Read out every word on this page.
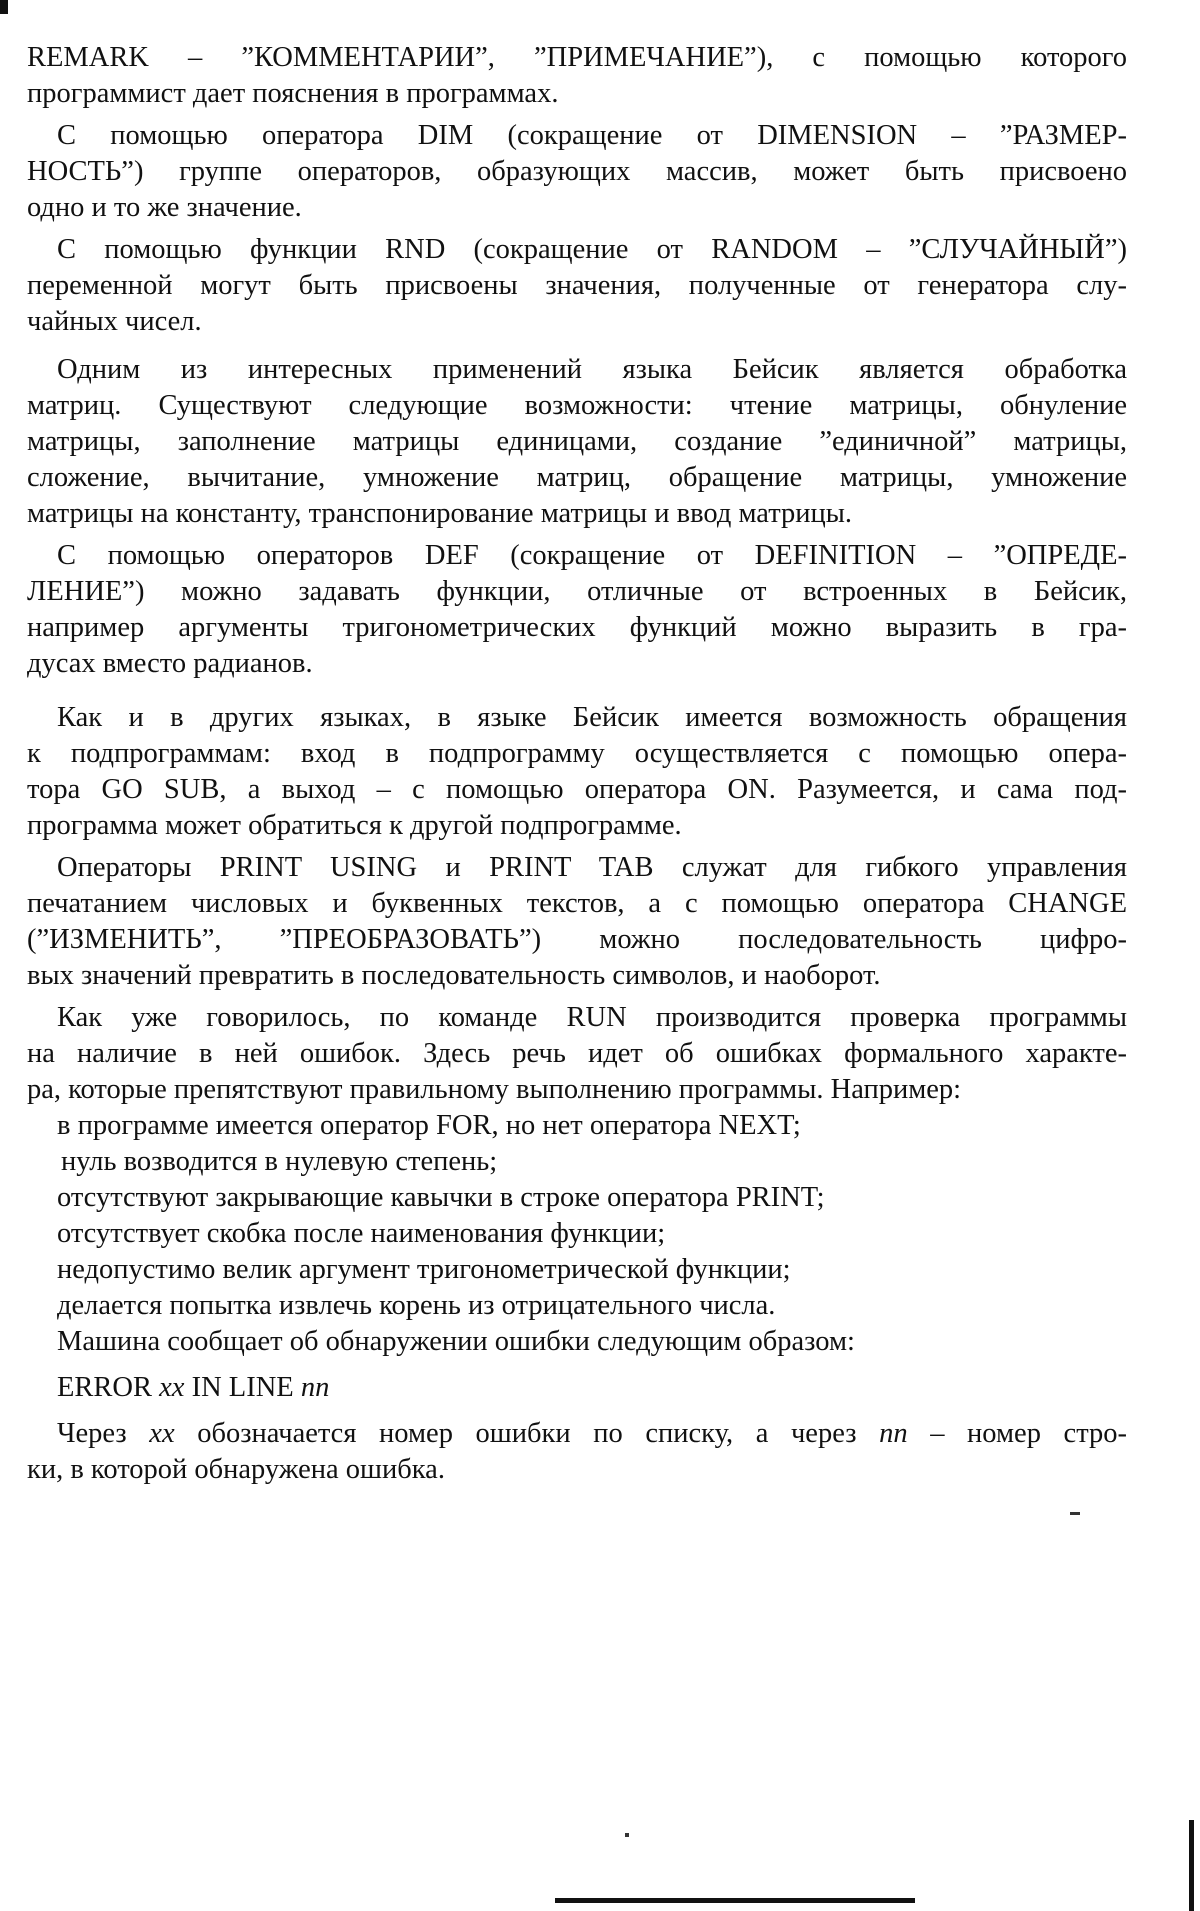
REMARK – ”КОММЕНТАРИИ”, ”ПРИМЕЧАНИЕ”), с помощью которого
программист дает пояснения в программах.

С помощью оператора DIM (сокращение от DIMENSION – ”РАЗМЕР-
НОСТЬ”) группе операторов, образующих массив, может быть присвоено
одно и то же значение.

С помощью функции RND (сокращение от RANDOM – ”СЛУЧАЙНЫЙ”)
переменной могут быть присвоены значения, полученные от генератора слу-
чайных чисел.

Одним из интересных применений языка Бейсик является обработка
матриц. Существуют следующие возможности: чтение матрицы, обнуление
матрицы, заполнение матрицы единицами, создание ”единичной” матрицы,
сложение, вычитание, умножение матриц, обращение матрицы, умножение
матрицы на константу, транспонирование матрицы и ввод матрицы.

С помощью операторов DEF (сокращение от DEFINITION – ”ОПРЕДЕ-
ЛЕНИЕ”) можно задавать функции, отличные от встроенных в Бейсик,
например аргументы тригонометрических функций можно выразить в гра-
дусах вместо радианов.

Как и в других языках, в языке Бейсик имеется возможность обращения
к подпрограммам: вход в подпрограмму осуществляется с помощью опера-
тора GO SUB, а выход – с помощью оператора ON. Разумеется, и сама под-
программа может обратиться к другой подпрограмме.

Операторы PRINT USING и PRINT TAB служат для гибкого управления
печатанием числовых и буквенных текстов, а с помощью оператора CHANGE
(”ИЗМЕНИТЬ”, ”ПРЕОБРАЗОВАТЬ”) можно последовательность цифро-
вых значений превратить в последовательность символов, и наоборот.

Как уже говорилось, по команде RUN производится проверка программы
на наличие в ней ошибок. Здесь речь идет об ошибках формального характе-
ра, которые препятствуют правильному выполнению программы. Например:

в программе имеется оператор FOR, но нет оператора NEXT;
нуль возводится в нулевую степень;
отсутствуют закрывающие кавычки в строке оператора PRINT;
отсутствует скобка после наименования функции;
недопустимо велик аргумент тригонометрической функции;
делается попытка извлечь корень из отрицательного числа.
Машина сообщает об обнаружении ошибки следующим образом:
ERROR xx IN LINE nn

Через xx обозначается номер ошибки по списку, а через nn – номер стро-
ки, в которой обнаружена ошибка.
